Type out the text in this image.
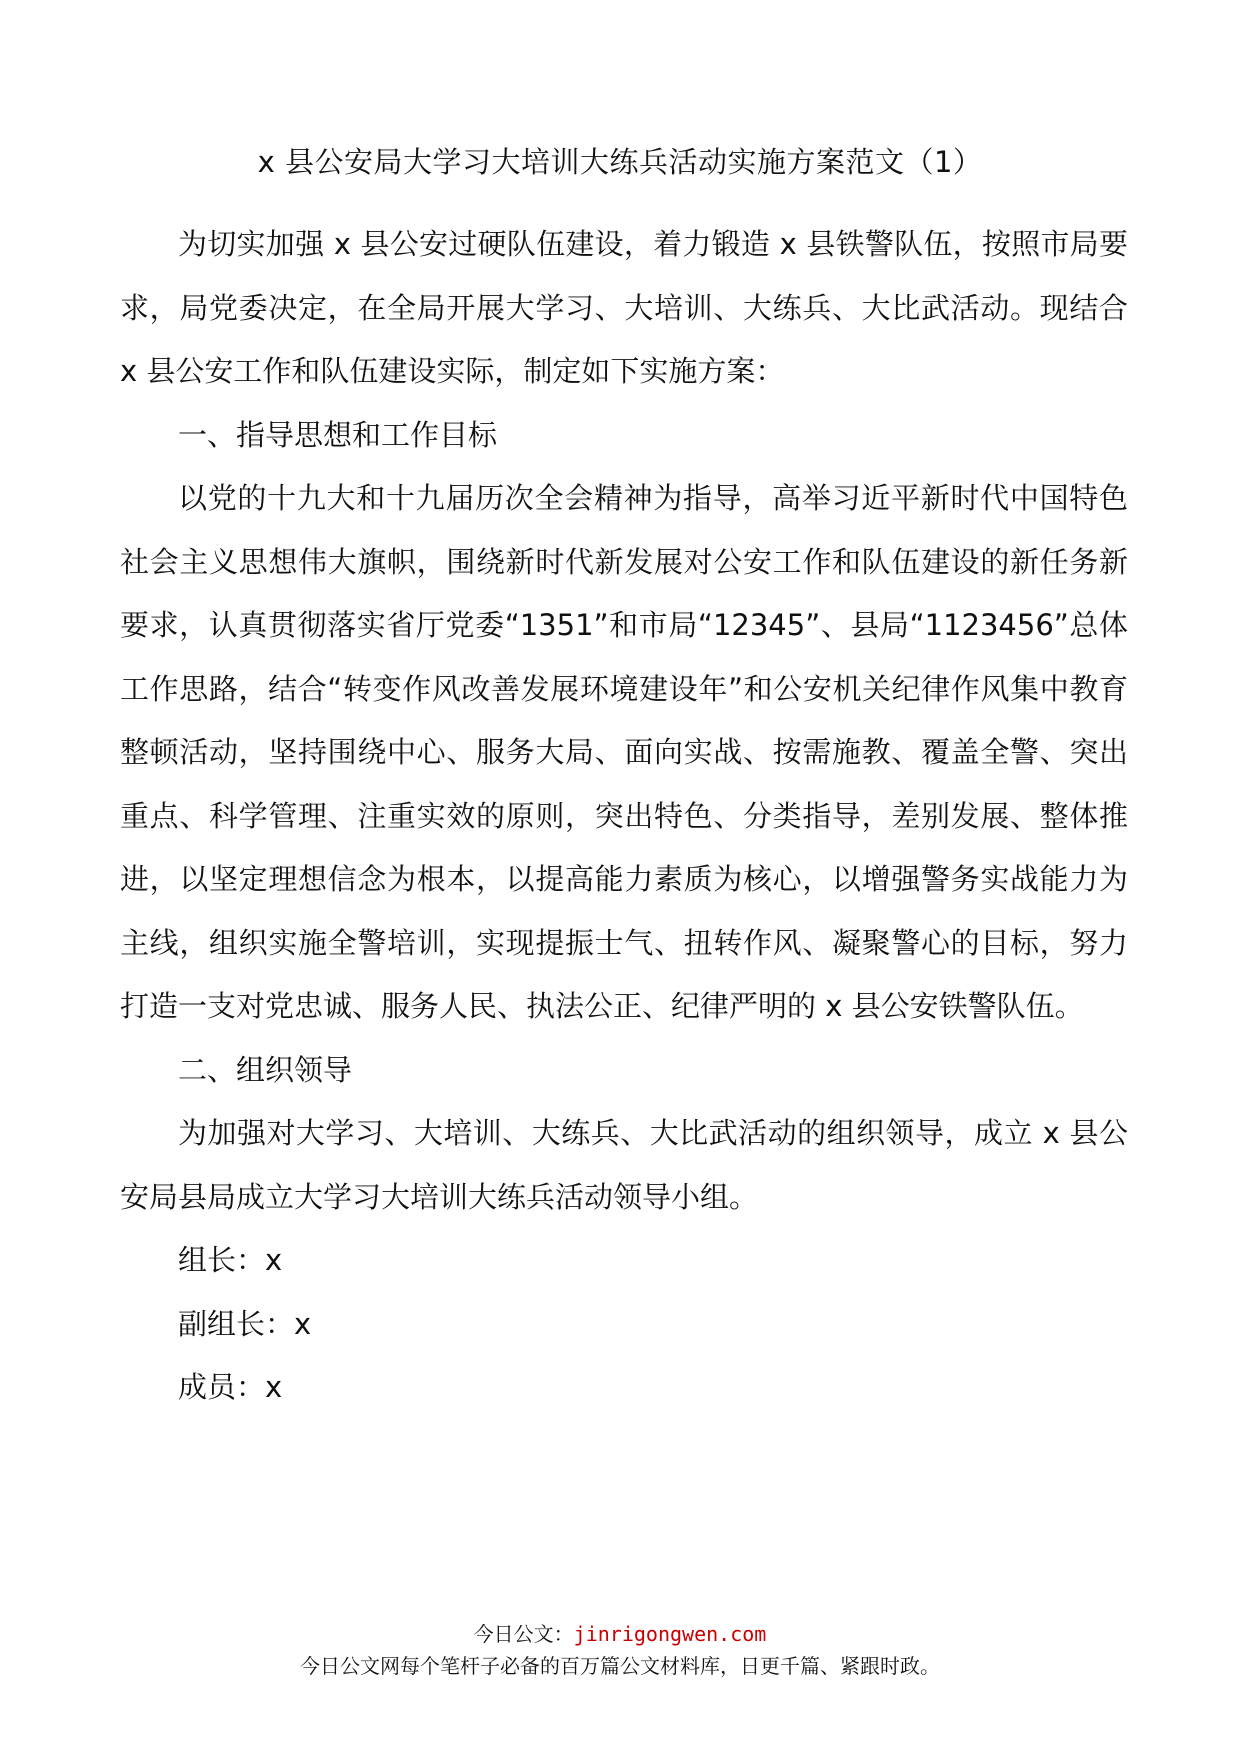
x 县公安局大学习大培训大练兵活动实施方案范文（1）

为切实加强 x 县公安过硬队伍建设，着力锻造 x 县铁警队伍，按照市局要求，局党委决定，在全局开展大学习、大培训、大练兵、大比武活动。现结合 x 县公安工作和队伍建设实际，制定如下实施方案：

一、指导思想和工作目标

以党的十九大和十九届历次全会精神为指导，高举习近平新时代中国特色社会主义思想伟大旗帜，围绕新时代新发展对公安工作和队伍建设的新任务新要求，认真贯彻落实省厅党委“1351”和市局“12345”、县局“1123456”总体工作思路，结合“转变作风改善发展环境建设年”和公安机关纪律作风集中教育整顿活动，坚持围绕中心、服务大局、面向实战、按需施教、覆盖全警、突出重点、科学管理、注重实效的原则，突出特色、分类指导，差别发展、整体推进，以坚定理想信念为根本，以提高能力素质为核心，以增强警务实战能力为主线，组织实施全警培训，实现提振士气、扭转作风、凝聚警心的目标，努力打造一支对党忠诚、服务人民、执法公正、纪律严明的 x 县公安铁警队伍。

二、组织领导

为加强对大学习、大培训、大练兵、大比武活动的组织领导，成立 x 县公安局县局成立大学习大培训大练兵活动领导小组。

组长：x

副组长：x

成员：x

今日公文：jinrigongwen.com
今日公文网每个笔杆子必备的百万篇公文材料库，日更千篇、紧跟时政。
